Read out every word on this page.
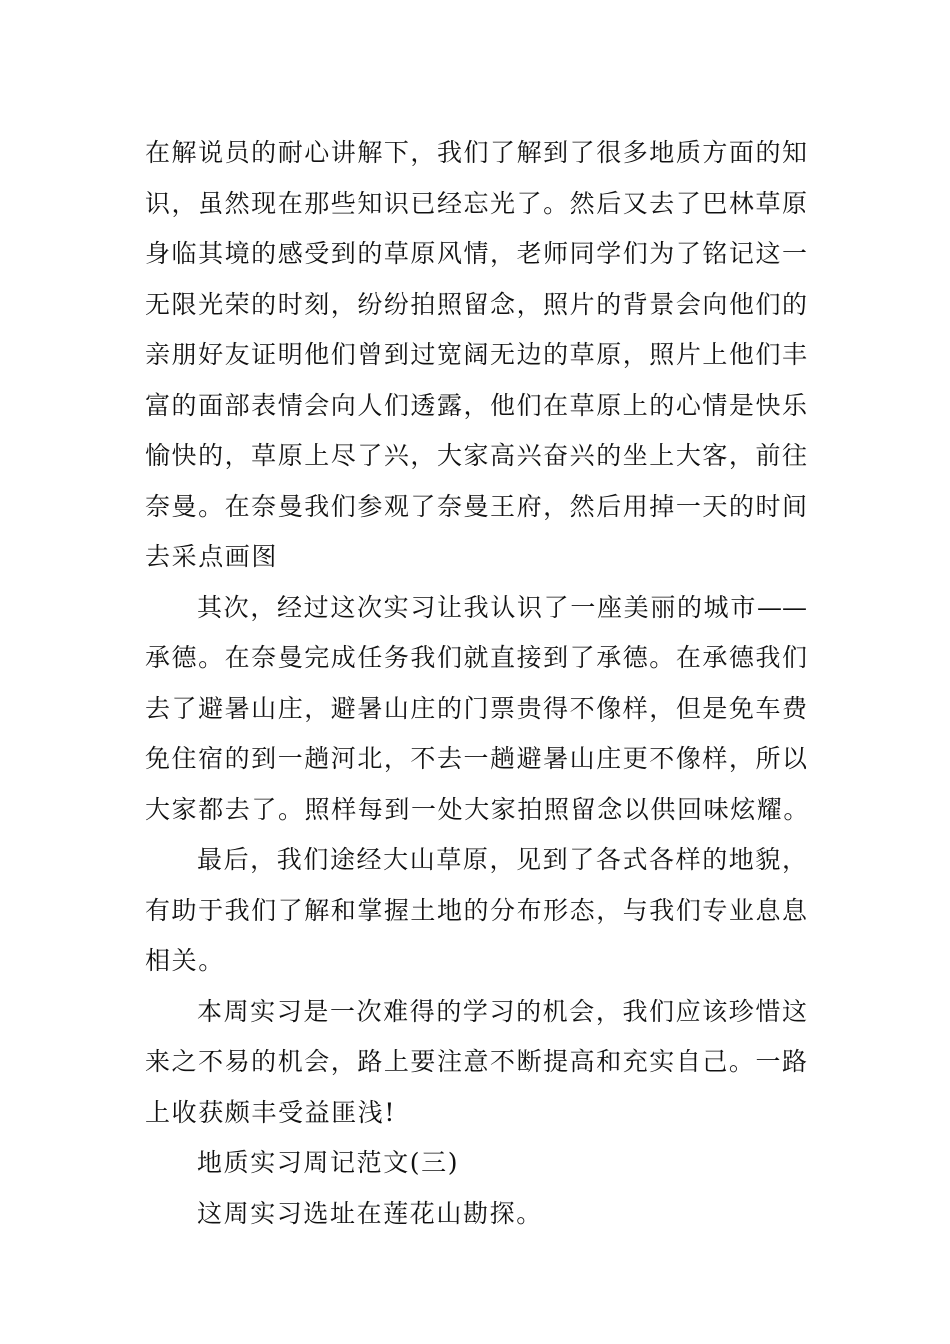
在解说员的耐心讲解下，我们了解到了很多地质方面的知
识，虽然现在那些知识已经忘光了。然后又去了巴林草原
身临其境的感受到的草原风情，老师同学们为了铭记这一
无限光荣的时刻，纷纷拍照留念，照片的背景会向他们的
亲朋好友证明他们曾到过宽阔无边的草原，照片上他们丰
富的面部表情会向人们透露，他们在草原上的心情是快乐
愉快的，草原上尽了兴，大家高兴奋兴的坐上大客，前往
奈曼。在奈曼我们参观了奈曼王府，然后用掉一天的时间
去采点画图
其次，经过这次实习让我认识了一座美丽的城市——
承德。在奈曼完成任务我们就直接到了承德。在承德我们
去了避暑山庄，避暑山庄的门票贵得不像样，但是免车费
免住宿的到一趟河北，不去一趟避暑山庄更不像样，所以
大家都去了。照样每到一处大家拍照留念以供回味炫耀。
最后，我们途经大山草原，见到了各式各样的地貌，
有助于我们了解和掌握土地的分布形态，与我们专业息息
相关。
本周实习是一次难得的学习的机会，我们应该珍惜这
来之不易的机会，路上要注意不断提高和充实自己。一路
上收获颇丰受益匪浅!
地质实习周记范文(三)
这周实习选址在莲花山勘探。
